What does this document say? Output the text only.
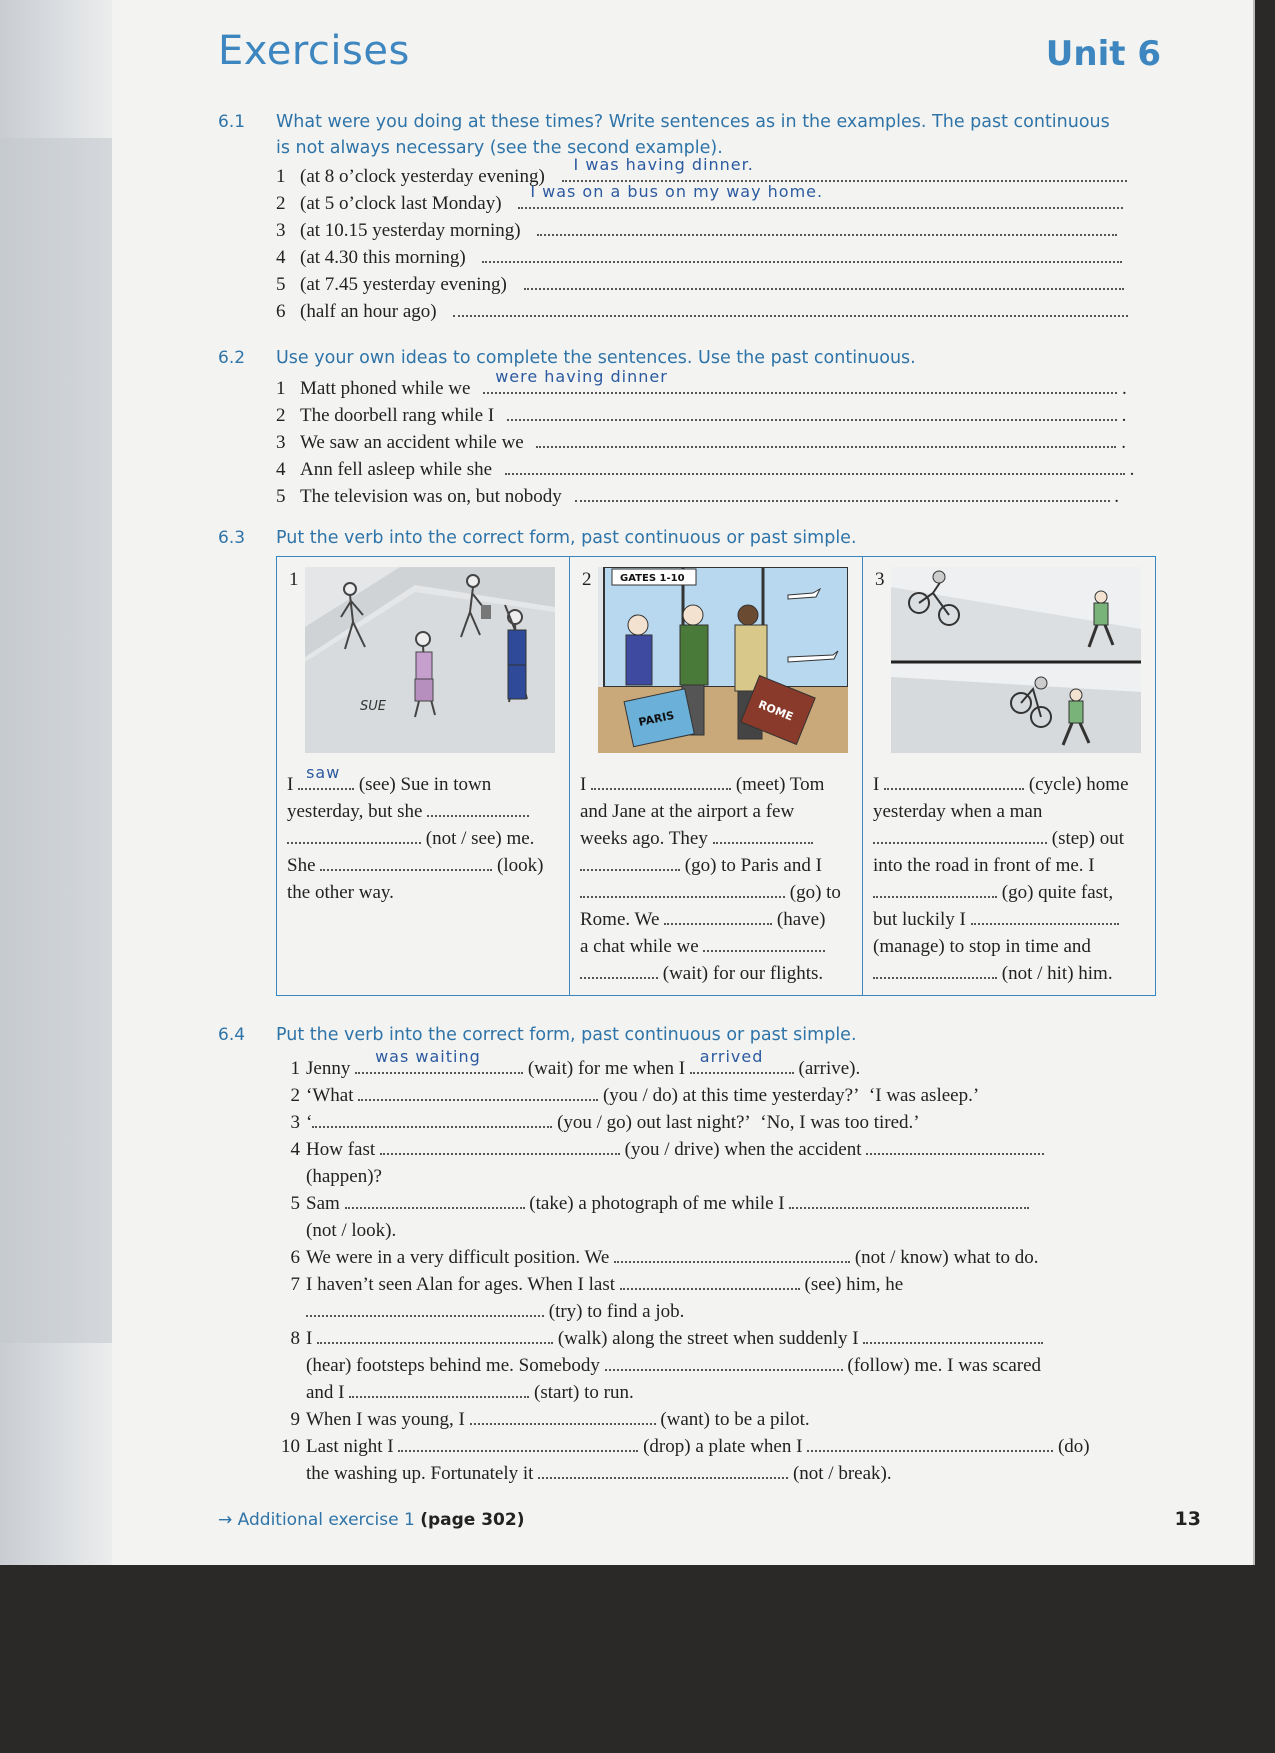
Exercises	Unit 6
6.1 What were you doing at these times? Write sentences as in the examples. The past continuous
is not always necessary (see the second example).
1 (at 8 o’clock yesterday evening)
I was having dinner.
2 (at 5 o’clock last Monday)
I was on a bus on my way home.
3 (at 10.15 yesterday morning)
4 (at 4.30 this morning)
5 (at 7.45 yesterday evening)
6 (half an hour ago)
6.2 Use your own ideas to complete the sentences. Use the past continuous.
1 Matt phoned while we
were having dinner
.
2 The doorbell rang while I	.
3 We saw an accident while we	.
4 Ann fell asleep while she	.
5 The television was on, but nobody	.
6.3 Put the verb into the correct form, past continuous or past simple.
1
SUE
I
saw
(see) Sue in town
yesterday, but she
(not / see) me.
She	(look)
the other way.
2	GATES 1-10
PARIS	ROME
I	(meet) Tom
and Jane at the airport a few
weeks ago. They
(go) to Paris and I
(go) to
Rome. We	(have)
a chat while we
(wait) for our flights.
3
I	(cycle) home
yesterday when a man
(step) out
into the road in front of me. I
(go) quite fast,
but luckily I
(manage) to stop in time and
(not / hit) him.
6.4 Put the verb into the correct form, past continuous or past simple.
1 Jenny
was waiting
(wait) for me when I
arrived
(arrive).
2 ‘What	(you / do) at this time yesterday?’ ‘I was asleep.’
3 ‘	(you / go) out last night?’ ‘No, I was too tired.’
4 How fast	(you / drive) when the accident
(happen)?
5 Sam	(take) a photograph of me while I
(not / look).
6 We were in a very difficult position. We	(not / know) what to do.
7 I haven’t seen Alan for ages. When I last	(see) him, he
(try) to find a job.
8 I	(walk) along the street when suddenly I
(hear) footsteps behind me. Somebody	(follow) me. I was scared
and I	(start) to run.
9 When I was young, I	(want) to be a pilot.
10 Last night I	(drop) a plate when I	(do)
the washing up. Fortunately it	(not / break).
→ Additional exercise 1 (page 302)	13
